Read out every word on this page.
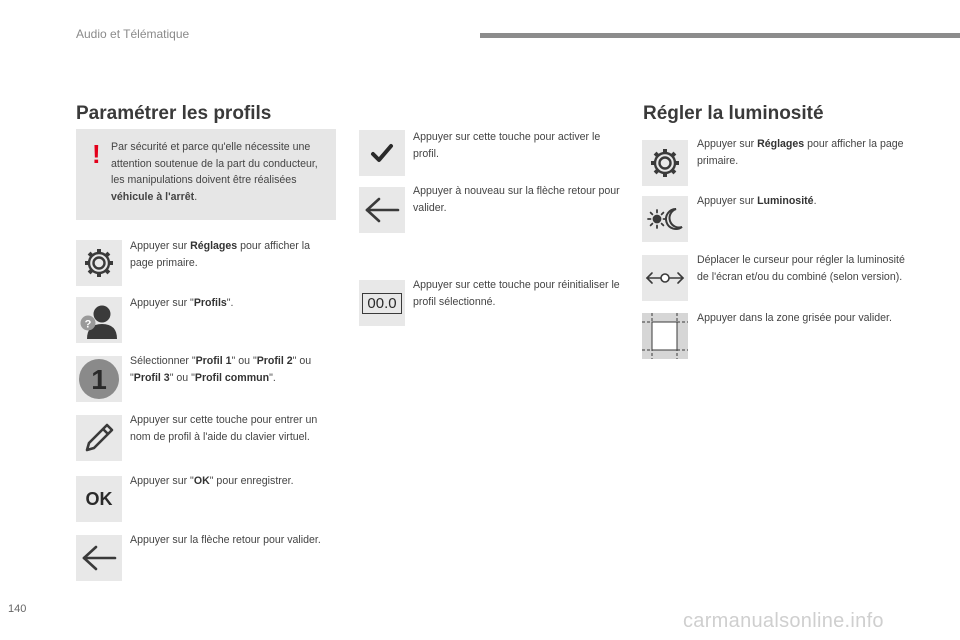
Audio et Télématique
Paramétrer les profils
! Par sécurité et parce qu'elle nécessite une attention soutenue de la part du conducteur, les manipulations doivent être réalisées véhicule à l'arrêt.
Appuyer sur Réglages pour afficher la page primaire.
?
Appuyer sur "Profils".
1
Sélectionner "Profil 1" ou "Profil 2" ou "Profil 3" ou "Profil commun".
Appuyer sur cette touche pour entrer un nom de profil à l'aide du clavier virtuel.
OK
Appuyer sur "OK" pour enregistrer.
Appuyer sur la flèche retour pour valider.
Appuyer sur cette touche pour activer le profil.
Appuyer à nouveau sur la flèche retour pour valider.
00.0
Appuyer sur cette touche pour réinitialiser le profil sélectionné.
Régler la luminosité
Appuyer sur Réglages pour afficher la page primaire.
Appuyer sur Luminosité.
Déplacer le curseur pour régler la luminosité de l'écran et/ou du combiné (selon version).
Appuyer dans la zone grisée pour valider.
140
carmanualsonline.info
